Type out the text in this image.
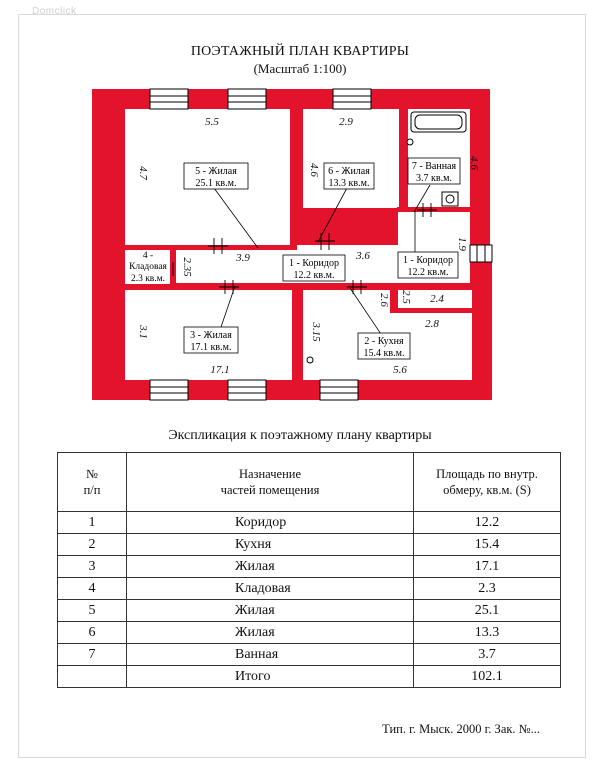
Domclick
ПОЭТАЖНЫЙ ПЛАН КВАРТИРЫ
(Масштаб 1:100)
5 - Жилая
25.1 кв.м.
6 - Жилая
13.3 кв.м.
7 - Ванная
3.7 кв.м.
4 -
Кладовая
2.3 кв.м.
1 - Коридор
12.2 кв.м.
1 - Коридор
12.2 кв.м.
3 - Жилая
17.1 кв.м.
2 - Кухня
15.4 кв.м.
5.5	2.9
4.7	4.6
4.6
3.9	3.6
2.35
1.9
2.6 2.5 2.4
2.8
3.1	3.15
17.1	5.6
Экспликация к поэтажному плану квартиры
№
п/п	Назначение
частей помещения	Площадь по внутр.
обмеру, кв.м. (S)
1	Коридор	12.2
2	Кухня	15.4
3	Жилая	17.1
4	Кладовая	2.3
5	Жилая	25.1
6	Жилая	13.3
7	Ванная	3.7
	Итого	102.1
Тип. г. Мыск. 2000 г. Зак. №...
